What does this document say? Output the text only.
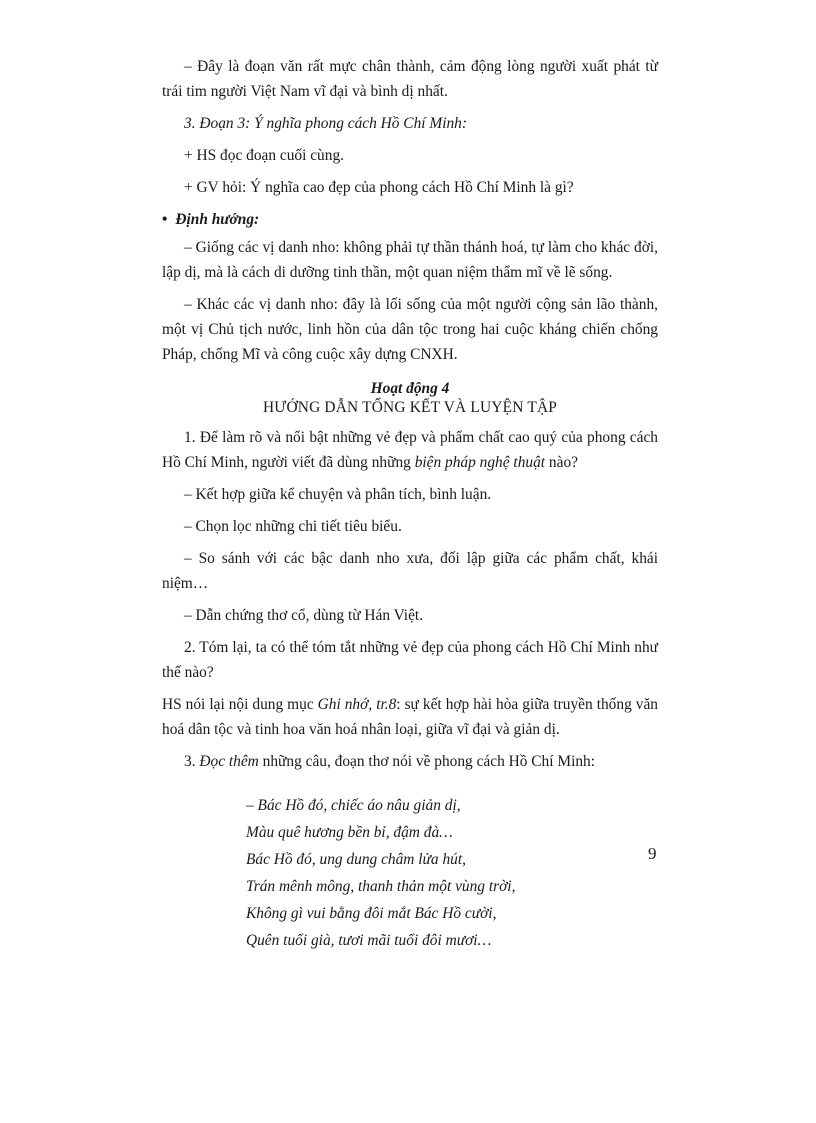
– Đây là đoạn văn rất mực chân thành, cảm động lòng người xuất phát từ trái tim người Việt Nam vĩ đại và bình dị nhất.

3. Đoạn 3: Ý nghĩa phong cách Hồ Chí Minh:

+ HS đọc đoạn cuối cùng.

+ GV hỏi: Ý nghĩa cao đẹp của phong cách Hồ Chí Minh là gì?

• Định hướng:

– Giống các vị danh nho: không phải tự thần thánh hoá, tự làm cho khác đời, lập dị, mà là cách di dưỡng tinh thần, một quan niệm thẩm mĩ về lẽ sống.

– Khác các vị danh nho: đây là lối sống của một người cộng sản lão thành, một vị Chủ tịch nước, linh hồn của dân tộc trong hai cuộc kháng chiến chống Pháp, chống Mĩ và công cuộc xây dựng CNXH.

Hoạt động 4
HƯỚNG DẪN TỔNG KẾT VÀ LUYỆN TẬP

1. Để làm rõ và nổi bật những vẻ đẹp và phẩm chất cao quý của phong cách Hồ Chí Minh, người viết đã dùng những biện pháp nghệ thuật nào?

– Kết hợp giữa kể chuyện và phân tích, bình luận.

– Chọn lọc những chi tiết tiêu biểu.

– So sánh với các bậc danh nho xưa, đối lập giữa các phẩm chất, khái niệm…

– Dẫn chứng thơ cổ, dùng từ Hán Việt.

2. Tóm lại, ta có thể tóm tắt những vẻ đẹp của phong cách Hồ Chí Minh như thế nào?

HS nói lại nội dung mục Ghi nhớ, tr.8: sự kết hợp hài hòa giữa truyền thống văn hoá dân tộc và tinh hoa văn hoá nhân loại, giữa vĩ đại và giản dị.

3. Đọc thêm những câu, đoạn thơ nói về phong cách Hồ Chí Minh:

– Bác Hồ đó, chiếc áo nâu giản dị,
Màu quê hương bền bỉ, đậm đà…
Bác Hồ đó, ung dung châm lửa hút,
Trán mênh mông, thanh thản một vùng trời,
Không gì vui bằng đôi mắt Bác Hồ cười,
Quên tuổi già, tươi mãi tuổi đôi mươi…
9
